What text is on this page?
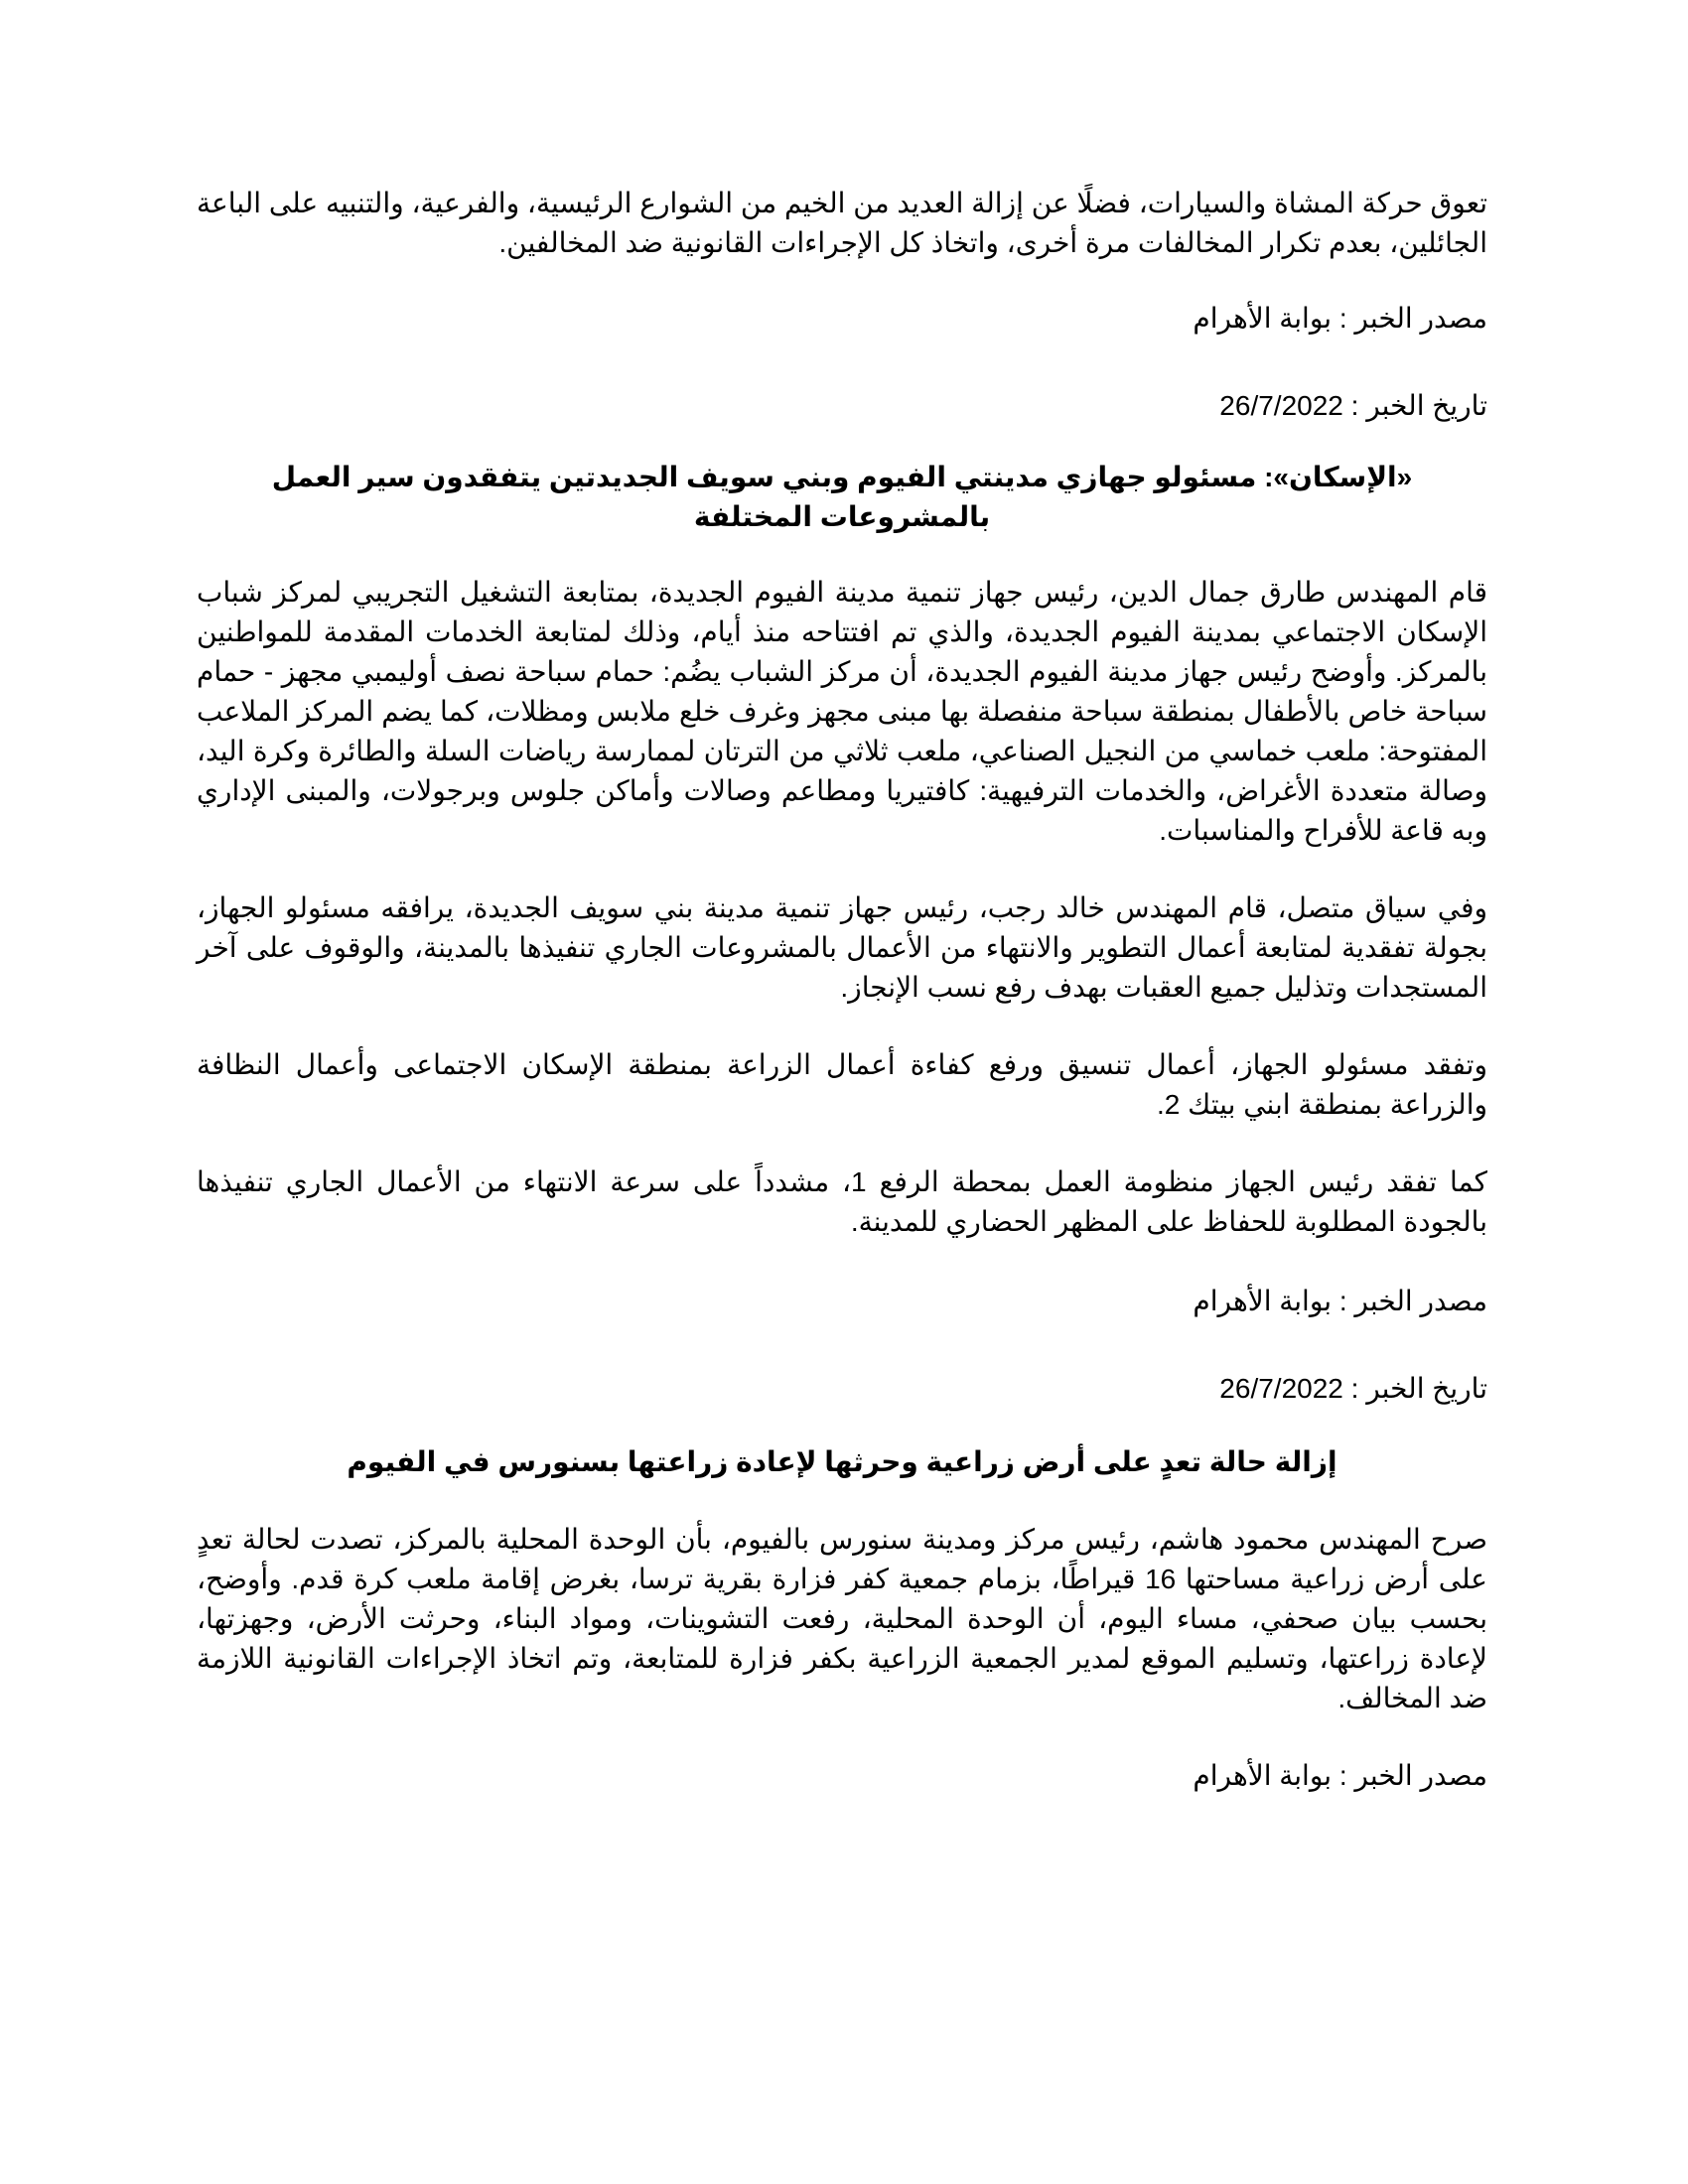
تعوق حركة المشاة والسيارات، فضلًا عن إزالة العديد من الخيم من الشوارع الرئيسية، والفرعية، والتنبيه على الباعة الجائلين، بعدم تكرار المخالفات مرة أخرى، واتخاذ كل الإجراءات القانونية ضد المخالفين.

مصدر الخبر : بوابة الأهرام

تاريخ الخبر : 26/7/2022

«الإسكان»: مسئولو جهازي مدينتي الفيوم وبني سويف الجديدتين يتفقدون سير العمل بالمشروعات المختلفة

قام المهندس طارق جمال الدين، رئيس جهاز تنمية مدينة الفيوم الجديدة، بمتابعة التشغيل التجريبي لمركز شباب الإسكان الاجتماعي بمدينة الفيوم الجديدة، والذي تم افتتاحه منذ أيام، وذلك لمتابعة الخدمات المقدمة للمواطنين بالمركز. وأوضح رئيس جهاز مدينة الفيوم الجديدة، أن مركز الشباب يضُم: حمام سباحة نصف أوليمبي مجهز - حمام سباحة خاص بالأطفال بمنطقة سباحة منفصلة بها مبنى مجهز وغرف خلع ملابس ومظلات، كما يضم المركز الملاعب المفتوحة: ملعب خماسي من النجيل الصناعي، ملعب ثلاثي من الترتان لممارسة رياضات السلة والطائرة وكرة اليد، وصالة متعددة الأغراض، والخدمات الترفيهية: كافتيريا ومطاعم وصالات وأماكن جلوس وبرجولات، والمبنى الإداري وبه قاعة للأفراح والمناسبات.

وفي سياق متصل، قام المهندس خالد رجب، رئيس جهاز تنمية مدينة بني سويف الجديدة، يرافقه مسئولو الجهاز، بجولة تفقدية لمتابعة أعمال التطوير والانتهاء من الأعمال بالمشروعات الجاري تنفيذها بالمدينة، والوقوف على آخر المستجدات وتذليل جميع العقبات بهدف رفع نسب الإنجاز.

وتفقد مسئولو الجهاز، أعمال تنسيق ورفع كفاءة أعمال الزراعة بمنطقة الإسكان الاجتماعى وأعمال النظافة والزراعة بمنطقة ابني بيتك 2.

كما تفقد رئيس الجهاز منظومة العمل بمحطة الرفع 1، مشدداً على سرعة الانتهاء من الأعمال الجاري تنفيذها بالجودة المطلوبة للحفاظ على المظهر الحضاري للمدينة.

مصدر الخبر : بوابة الأهرام

تاريخ الخبر : 26/7/2022

إزالة حالة تعدٍ على أرض زراعية وحرثها لإعادة زراعتها بسنورس في الفيوم

صرح المهندس محمود هاشم، رئيس مركز ومدينة سنورس بالفيوم، بأن الوحدة المحلية بالمركز، تصدت لحالة تعدٍ على أرض زراعية مساحتها 16 قيراطًا، بزمام جمعية كفر فزارة بقرية ترسا، بغرض إقامة ملعب كرة قدم. وأوضح، بحسب بيان صحفي، مساء اليوم، أن الوحدة المحلية، رفعت التشوينات، ومواد البناء، وحرثت الأرض، وجهزتها، لإعادة زراعتها، وتسليم الموقع لمدير الجمعية الزراعية بكفر فزارة للمتابعة، وتم اتخاذ الإجراءات القانونية اللازمة ضد المخالف.

مصدر الخبر : بوابة الأهرام
